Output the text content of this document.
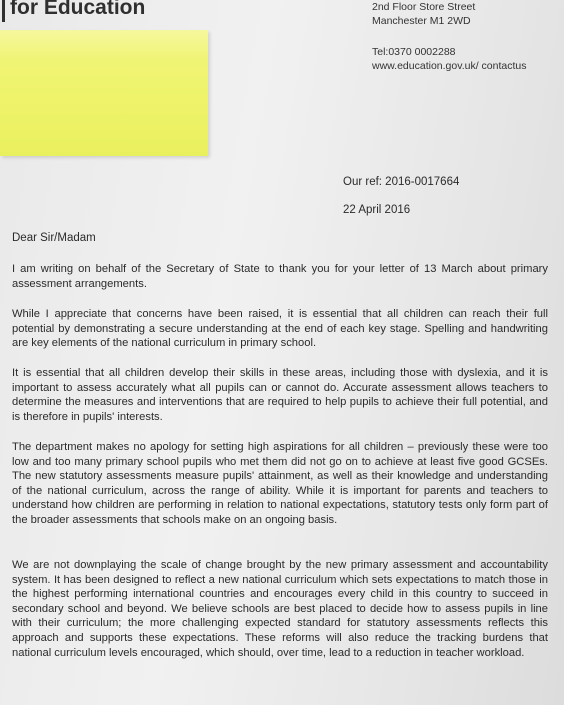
for Education	2nd Floor Store Street
Manchester M1 2WD
Tel:0370 0002288
www.education.gov.uk/ contactus
Our ref: 2016-0017664
22 April 2016
Dear Sir/Madam

I am writing on behalf of the Secretary of State to thank you for your letter of 13 March about primary assessment arrangements.

While I appreciate that concerns have been raised, it is essential that all children can reach their full potential by demonstrating a secure understanding at the end of each key stage. Spelling and handwriting are key elements of the national curriculum in primary school.

It is essential that all children develop their skills in these areas, including those with dyslexia, and it is important to assess accurately what all pupils can or cannot do. Accurate assessment allows teachers to determine the measures and interventions that are required to help pupils to achieve their full potential, and is therefore in pupils' interests.

The department makes no apology for setting high aspirations for all children – previously these were too low and too many primary school pupils who met them did not go on to achieve at least five good GCSEs. The new statutory assessments measure pupils' attainment, as well as their knowledge and understanding of the national curriculum, across the range of ability. While it is important for parents and teachers to understand how children are performing in relation to national expectations, statutory tests only form part of the broader assessments that schools make on an ongoing basis.

We are not downplaying the scale of change brought by the new primary assessment and accountability system. It has been designed to reflect a new national curriculum which sets expectations to match those in the highest performing international countries and encourages every child in this country to succeed in secondary school and beyond. We believe schools are best placed to decide how to assess pupils in line with their curriculum; the more challenging expected standard for statutory assessments reflects this approach and supports these expectations. These reforms will also reduce the tracking burdens that national curriculum levels encouraged, which should, over time, lead to a reduction in teacher workload.
